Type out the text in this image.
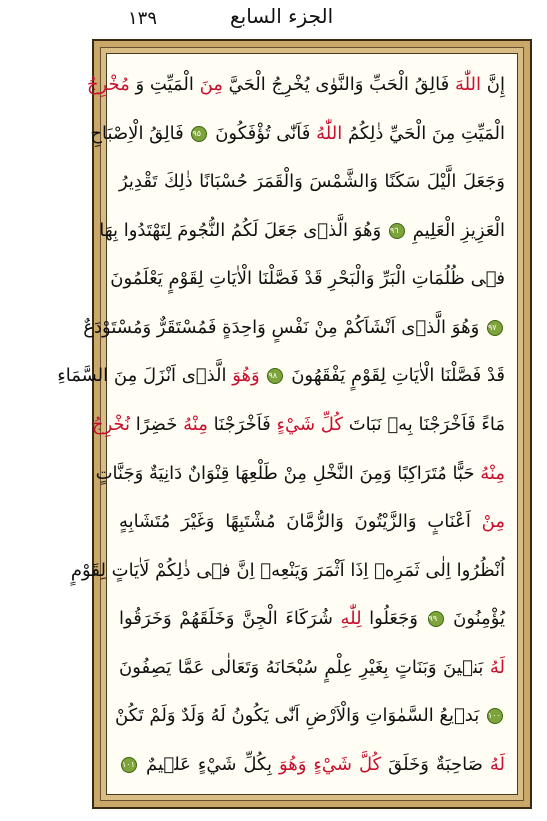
١٣٩	الجزء السابع
إِنَّ اللّٰهَ فَالِقُ الْحَبِّ وَالنَّوٰى يُخْرِجُ الْحَيَّ مِنَ الْمَيِّتِ وَ مُخْرِجُ
الْمَيِّتِ مِنَ الْحَيِّ ذٰلِكُمُ اللّٰهُ فَاَنّٰى تُؤْفَكُونَ ٩٥ فَالِقُ الْاِصْبَاحِ
وَجَعَلَ الَّيْلَ سَكَنًا وَالشَّمْسَ وَالْقَمَرَ حُسْبَانًا ذٰلِكَ تَقْدِيرُ
الْعَزِيزِ الْعَلِيمِ ٩٦ وَهُوَ الَّذٖى جَعَلَ لَكُمُ النُّجُومَ لِتَهْتَدُوا بِهَا
فٖى ظُلُمَاتِ الْبَرِّ وَالْبَحْرِ قَدْ فَصَّلْنَا الْاٰيَاتِ لِقَوْمٍ يَعْلَمُونَ
٩٧ وَهُوَ الَّذٖى اَنْشَاَكُمْ مِنْ نَفْسٍ وَاحِدَةٍ فَمُسْتَقَرٌّ وَمُسْتَوْدَعٌ
قَدْ فَصَّلْنَا الْاٰيَاتِ لِقَوْمٍ يَفْقَهُونَ ٩٨ وَهُوَ الَّذٖى اَنْزَلَ مِنَ السَّمَاءِ
مَاءً فَاَخْرَجْنَا بِهٖ نَبَاتَ كُلِّ شَيْءٍ فَاَخْرَجْنَا مِنْهُ خَضِرًا نُخْرِجُ
مِنْهُ حَبًّا مُتَرَاكِبًا وَمِنَ النَّخْلِ مِنْ طَلْعِهَا قِنْوَانٌ دَانِيَةٌ وَجَنَّاتٍ
مِنْ اَعْنَابٍ وَالزَّيْتُونَ وَالرُّمَّانَ مُشْتَبِهًا وَغَيْرَ مُتَشَابِهٍ
اُنْظُرُوا اِلٰى ثَمَرِهٖ اِذَا اَثْمَرَ وَيَنْعِهٖ اِنَّ فٖى ذٰلِكُمْ لَاٰيَاتٍ لِقَوْمٍ
يُؤْمِنُونَ ٩٩ وَجَعَلُوا لِلّٰهِ شُرَكَاءَ الْجِنَّ وَخَلَقَهُمْ وَخَرَقُوا
لَهُ بَنٖينَ وَبَنَاتٍ بِغَيْرِ عِلْمٍ سُبْحَانَهُ وَتَعَالٰى عَمَّا يَصِفُونَ
١٠٠ بَدٖيعُ السَّمٰوَاتِ وَالْاَرْضِ اَنّٰى يَكُونُ لَهُ وَلَدٌ وَلَمْ تَكُنْ
لَهُ صَاحِبَةٌ وَخَلَقَ كُلَّ شَيْءٍ وَهُوَ بِكُلِّ شَيْءٍ عَلٖيمٌ ١٠١
